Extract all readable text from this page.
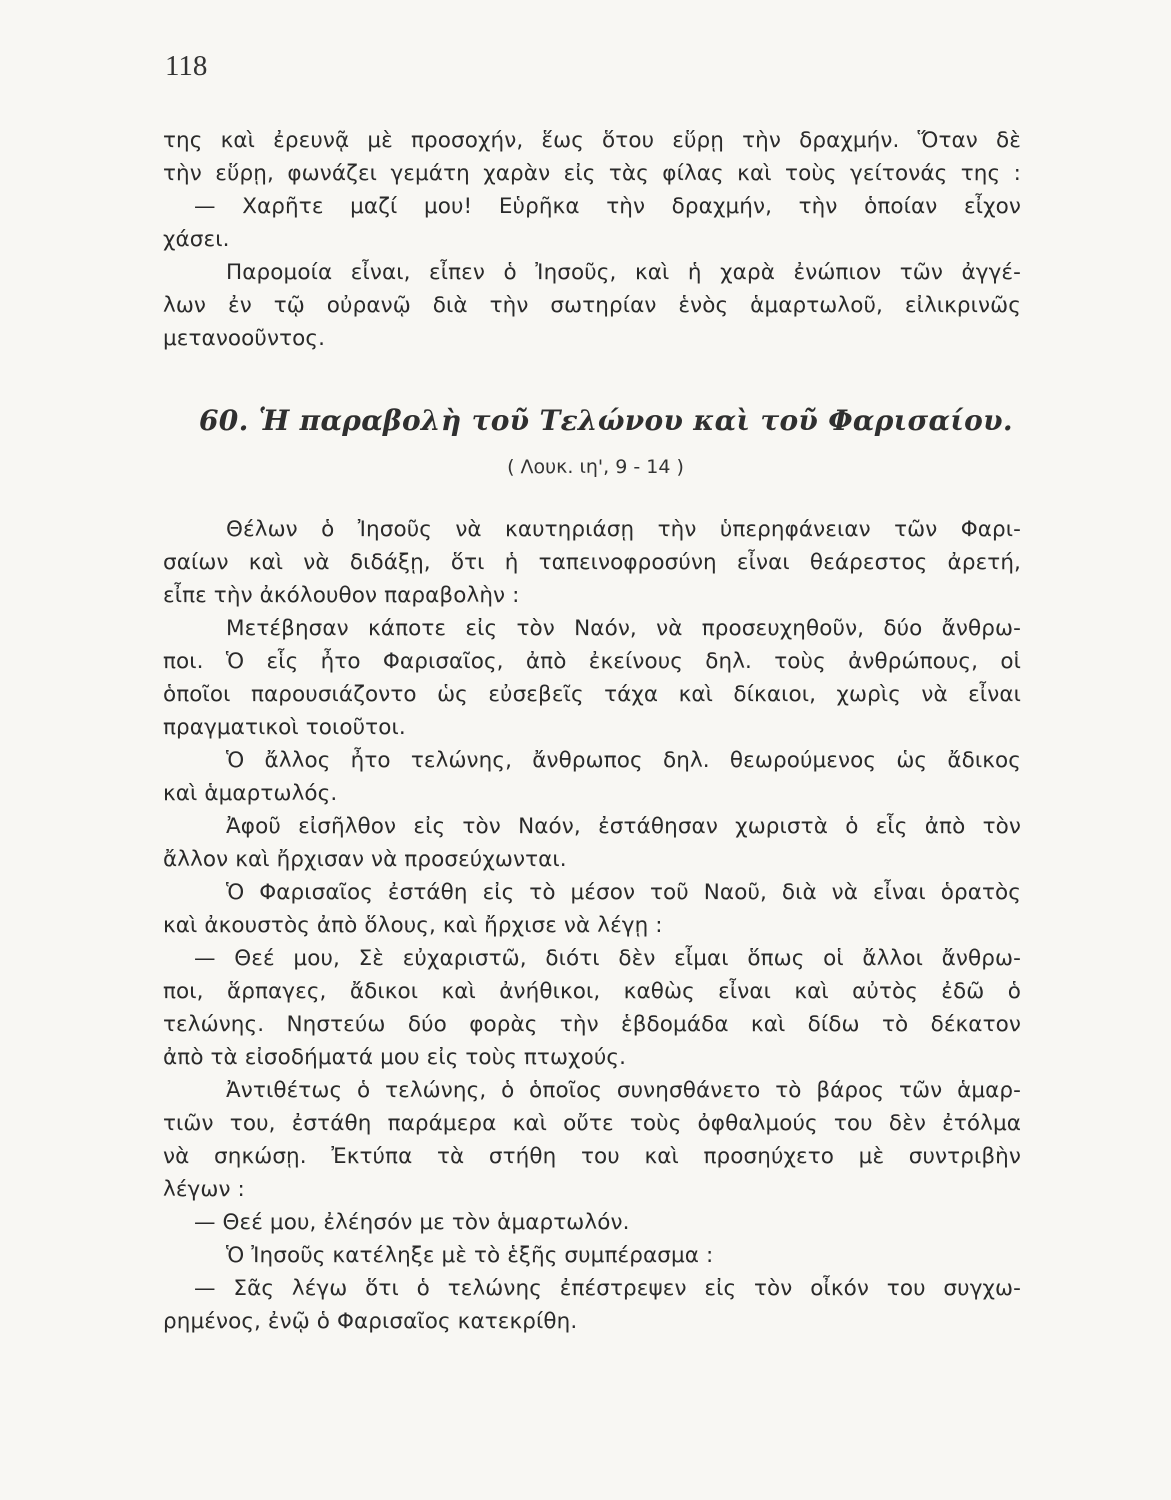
118
της καὶ ἐρευνᾷ μὲ προσοχήν, ἕως ὅτου εὕρῃ τὴν δραχμήν. Ὅταν δὲ
τὴν εὕρῃ, φωνάζει γεμάτη χαρὰν εἰς τὰς φίλας καὶ τοὺς γείτονάς της :
— Χαρῆτε μαζί μου! Εὑρῆκα τὴν δραχμήν, τὴν ὁποίαν εἶχον
χάσει.
Παρομοία εἶναι, εἶπεν ὁ Ἰησοῦς, καὶ ἡ χαρὰ ἐνώπιον τῶν ἀγγέ-
λων ἐν τῷ οὐρανῷ διὰ τὴν σωτηρίαν ἑνὸς ἁμαρτωλοῦ, εἰλικρινῶς
μετανοοῦντος.
60. Ἡ παραβολὴ τοῦ Τελώνου καὶ τοῦ Φαρισαίου.
( Λουκ. ιη', 9 - 14 )
Θέλων ὁ Ἰησοῦς νὰ καυτηριάσῃ τὴν ὑπερηφάνειαν τῶν Φαρι-
σαίων καὶ νὰ διδάξῃ, ὅτι ἡ ταπεινοφροσύνη εἶναι θεάρεστος ἀρετή,
εἶπε τὴν ἀκόλουθον παραβολὴν :
Μετέβησαν κάποτε εἰς τὸν Ναόν, νὰ προσευχηθοῦν, δύο ἄνθρω-
ποι. Ὁ εἷς ἦτο Φαρισαῖος, ἀπὸ ἐκείνους δηλ. τοὺς ἀνθρώπους, οἱ
ὁποῖοι παρουσιάζοντο ὡς εὐσεβεῖς τάχα καὶ δίκαιοι, χωρὶς νὰ εἶναι
πραγματικοὶ τοιοῦτοι.
Ὁ ἄλλος ἦτο τελώνης, ἄνθρωπος δηλ. θεωρούμενος ὡς ἄδικος
καὶ ἁμαρτωλός.
Ἀφοῦ εἰσῆλθον εἰς τὸν Ναόν, ἐστάθησαν χωριστὰ ὁ εἷς ἀπὸ τὸν
ἄλλον καὶ ἤρχισαν νὰ προσεύχωνται.
Ὁ Φαρισαῖος ἐστάθη εἰς τὸ μέσον τοῦ Ναοῦ, διὰ νὰ εἶναι ὁρατὸς
καὶ ἀκουστὸς ἀπὸ ὅλους, καὶ ἤρχισε νὰ λέγῃ :
— Θεέ μου, Σὲ εὐχαριστῶ, διότι δὲν εἶμαι ὅπως οἱ ἄλλοι ἄνθρω-
ποι, ἅρπαγες, ἄδικοι καὶ ἀνήθικοι, καθὼς εἶναι καὶ αὐτὸς ἐδῶ ὁ
τελώνης. Νηστεύω δύο φορὰς τὴν ἑβδομάδα καὶ δίδω τὸ δέκατον
ἀπὸ τὰ εἰσοδήματά μου εἰς τοὺς πτωχούς.
Ἀντιθέτως ὁ τελώνης, ὁ ὁποῖος συνησθάνετο τὸ βάρος τῶν ἁμαρ-
τιῶν του, ἐστάθη παράμερα καὶ οὔτε τοὺς ὀφθαλμούς του δὲν ἐτόλμα
νὰ σηκώσῃ. Ἐκτύπα τὰ στήθη του καὶ προσηύχετο μὲ συντριβὴν
λέγων :
— Θεέ μου, ἐλέησόν με τὸν ἁμαρτωλόν.
Ὁ Ἰησοῦς κατέληξε μὲ τὸ ἑξῆς συμπέρασμα :
— Σᾶς λέγω ὅτι ὁ τελώνης ἐπέστρεψεν εἰς τὸν οἶκόν του συγχω-
ρημένος, ἐνῷ ὁ Φαρισαῖος κατεκρίθη.
